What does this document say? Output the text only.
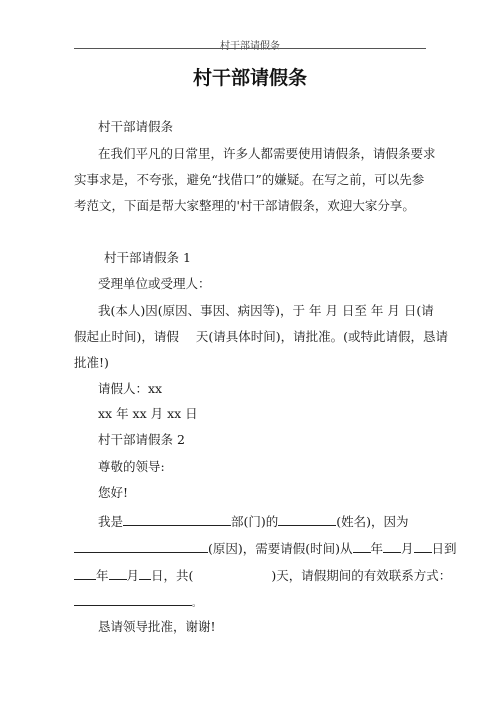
村干部请假条
村干部请假条
村干部请假条
在我们平凡的日常里，许多人都需要使用请假条，请假条要求
实事求是，不夸张，避免“找借口”的嫌疑。在写之前，可以先参
考范文，下面是帮大家整理的'村干部请假条，欢迎大家分享。
村干部请假条 1
受理单位或受理人：
我(本人)因(原因、事因、病因等)，于 年 月 日至 年 月 日(请
假起止时间)，请假 天(请具体时间)，请批准。(或特此请假，恳请
批准!)
请假人：xx
xx 年 xx 月 xx 日
村干部请假条 2
尊敬的领导:
您好!
我是	部(门)的	(姓名)，因为
(原因)，需要请假(时间)从 年 月 日到
年 月 日，共(	)天，请假期间的有效联系方式：
。
恳请领导批准，谢谢!
